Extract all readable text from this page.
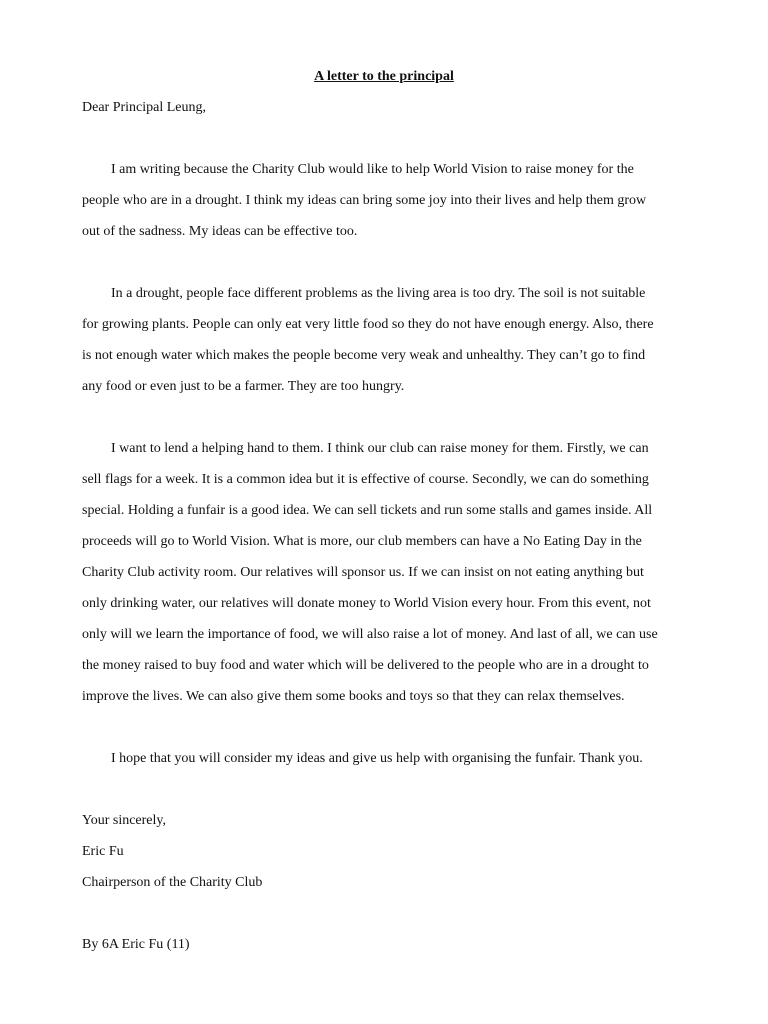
A letter to the principal
Dear Principal Leung,
I am writing because the Charity Club would like to help World Vision to raise money for the
people who are in a drought. I think my ideas can bring some joy into their lives and help them grow
out of the sadness. My ideas can be effective too.
In a drought, people face different problems as the living area is too dry. The soil is not suitable
for growing plants. People can only eat very little food so they do not have enough energy. Also, there
is not enough water which makes the people become very weak and unhealthy. They can’t go to find
any food or even just to be a farmer. They are too hungry.
I want to lend a helping hand to them. I think our club can raise money for them. Firstly, we can
sell flags for a week. It is a common idea but it is effective of course. Secondly, we can do something
special. Holding a funfair is a good idea. We can sell tickets and run some stalls and games inside. All
proceeds will go to World Vision. What is more, our club members can have a No Eating Day in the
Charity Club activity room. Our relatives will sponsor us. If we can insist on not eating anything but
only drinking water, our relatives will donate money to World Vision every hour. From this event, not
only will we learn the importance of food, we will also raise a lot of money. And last of all, we can use
the money raised to buy food and water which will be delivered to the people who are in a drought to
improve the lives. We can also give them some books and toys so that they can relax themselves.
I hope that you will consider my ideas and give us help with organising the funfair. Thank you.
Your sincerely,
Eric Fu
Chairperson of the Charity Club
By 6A Eric Fu (11)
